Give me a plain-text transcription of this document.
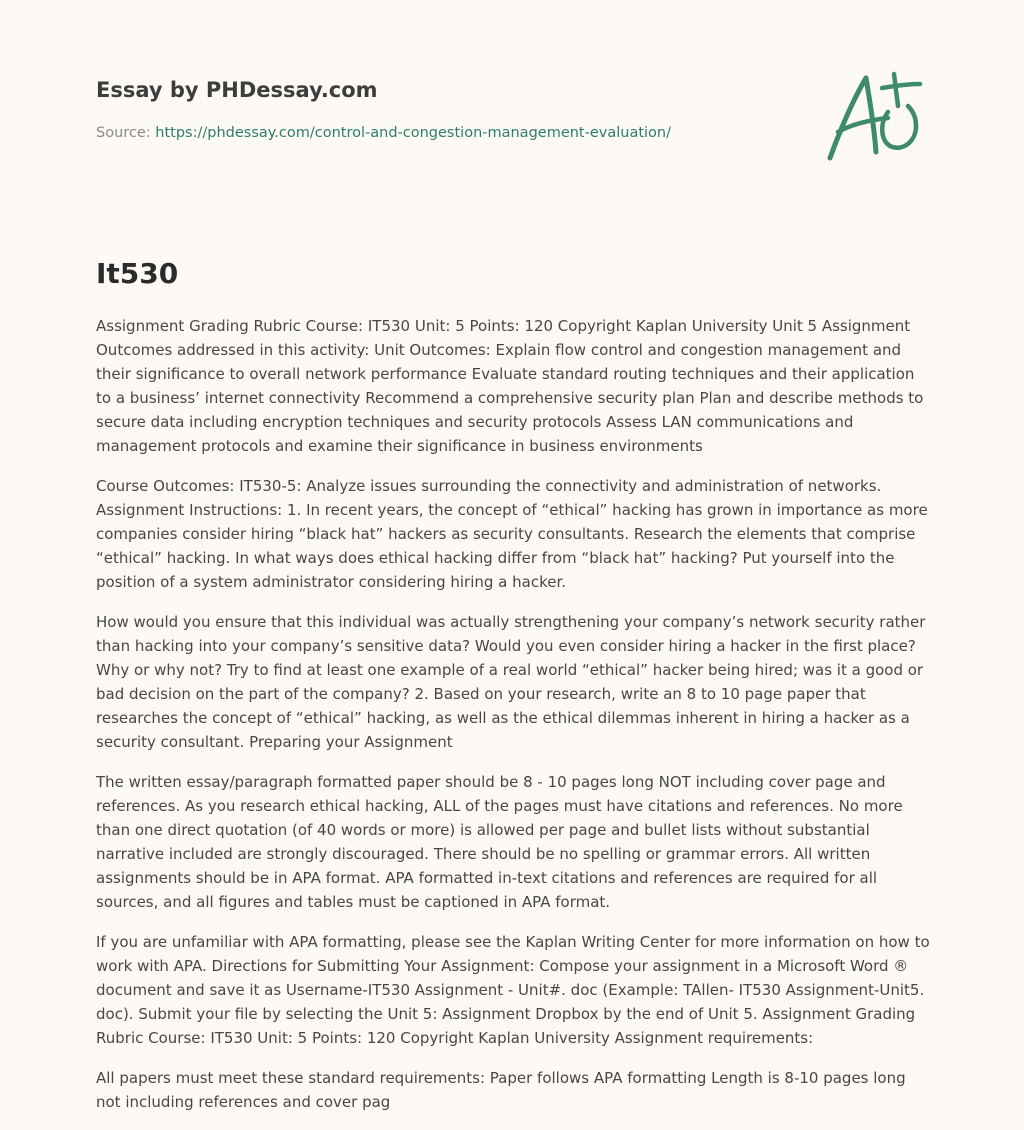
Essay by PHDessay.com
Source: https://phdessay.com/control-and-congestion-management-evaluation/
It530

Assignment Grading Rubric Course: IT530 Unit: 5 Points: 120 Copyright Kaplan University Unit 5 Assignment Outcomes addressed in this activity: Unit Outcomes: Explain flow control and congestion management and their significance to overall network performance Evaluate standard routing techniques and their application to a business’ internet connectivity Recommend a comprehensive security plan Plan and describe methods to secure data including encryption techniques and security protocols Assess LAN communications and management protocols and examine their significance in business environments

Course Outcomes: IT530-5: Analyze issues surrounding the connectivity and administration of networks. Assignment Instructions: 1. In recent years, the concept of “ethical” hacking has grown in importance as more companies consider hiring “black hat” hackers as security consultants. Research the elements that comprise “ethical” hacking. In what ways does ethical hacking differ from “black hat” hacking? Put yourself into the position of a system administrator considering hiring a hacker.

How would you ensure that this individual was actually strengthening your company’s network security rather than hacking into your company’s sensitive data? Would you even consider hiring a hacker in the first place? Why or why not? Try to find at least one example of a real world “ethical” hacker being hired; was it a good or bad decision on the part of the company? 2. Based on your research, write an 8 to 10 page paper that researches the concept of “ethical” hacking, as well as the ethical dilemmas inherent in hiring a hacker as a security consultant. Preparing your Assignment

The written essay/paragraph formatted paper should be 8 - 10 pages long NOT including cover page and references. As you research ethical hacking, ALL of the pages must have citations and references. No more than one direct quotation (of 40 words or more) is allowed per page and bullet lists without substantial narrative included are strongly discouraged. There should be no spelling or grammar errors. All written assignments should be in APA format. APA formatted in-text citations and references are required for all sources, and all figures and tables must be captioned in APA format.

If you are unfamiliar with APA formatting, please see the Kaplan Writing Center for more information on how to work with APA. Directions for Submitting Your Assignment: Compose your assignment in a Microsoft Word ® document and save it as Username-IT530 Assignment - Unit#. doc (Example: TAllen- IT530 Assignment-Unit5. doc). Submit your file by selecting the Unit 5: Assignment Dropbox by the end of Unit 5. Assignment Grading Rubric Course: IT530 Unit: 5 Points: 120 Copyright Kaplan University Assignment requirements:

All papers must meet these standard requirements: Paper follows APA formatting Length is 8-10 pages long not including references and cover pag
